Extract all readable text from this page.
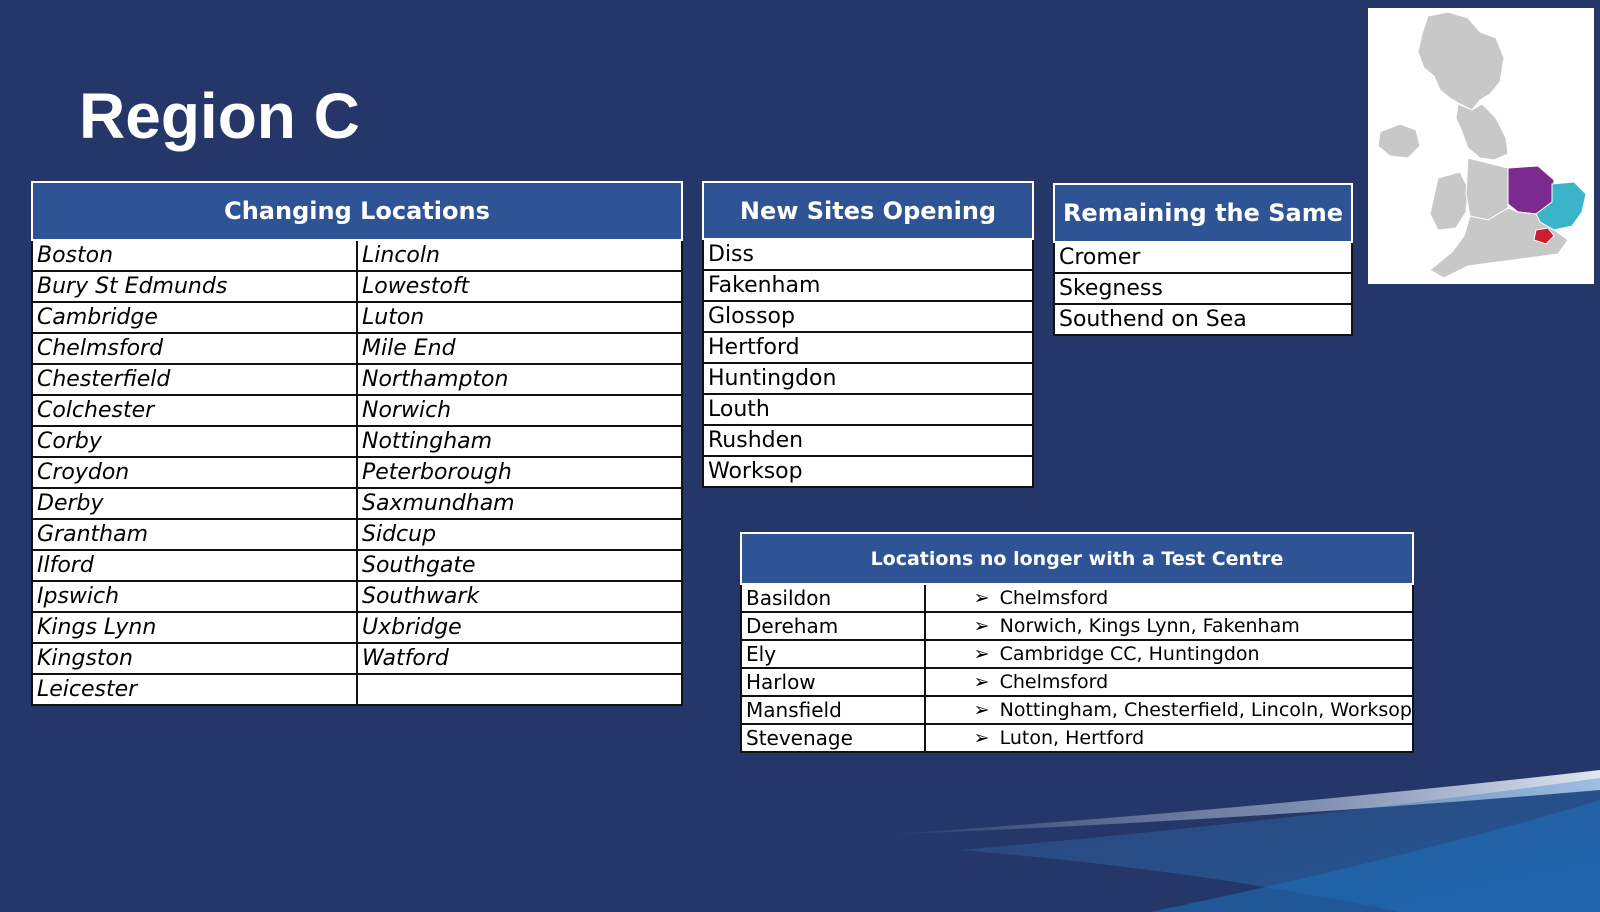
Region C
Changing Locations	
Boston	Lincoln
Bury St Edmunds	Lowestoft
Cambridge	Luton
Chelmsford	Mile End
Chesterfield	Northampton
Colchester	Norwich
Corby	Nottingham
Croydon	Peterborough
Derby	Saxmundham
Grantham	Sidcup
Ilford	Southgate
Ipswich	Southwark
Kings Lynn	Uxbridge
Kingston	Watford
Leicester	
New Sites Opening
Diss
Fakenham
Glossop
Hertford
Huntingdon
Louth
Rushden
Worksop
Remaining the Same
Cromer
Skegness
Southend on Sea
Locations no longer with a Test Centre	
Basildon	➢ Chelmsford
Dereham	➢ Norwich, Kings Lynn, Fakenham
Ely	➢ Cambridge CC, Huntingdon
Harlow	➢ Chelmsford
Mansfield	➢ Nottingham, Chesterfield, Lincoln, Worksop
Stevenage	➢ Luton, Hertford
